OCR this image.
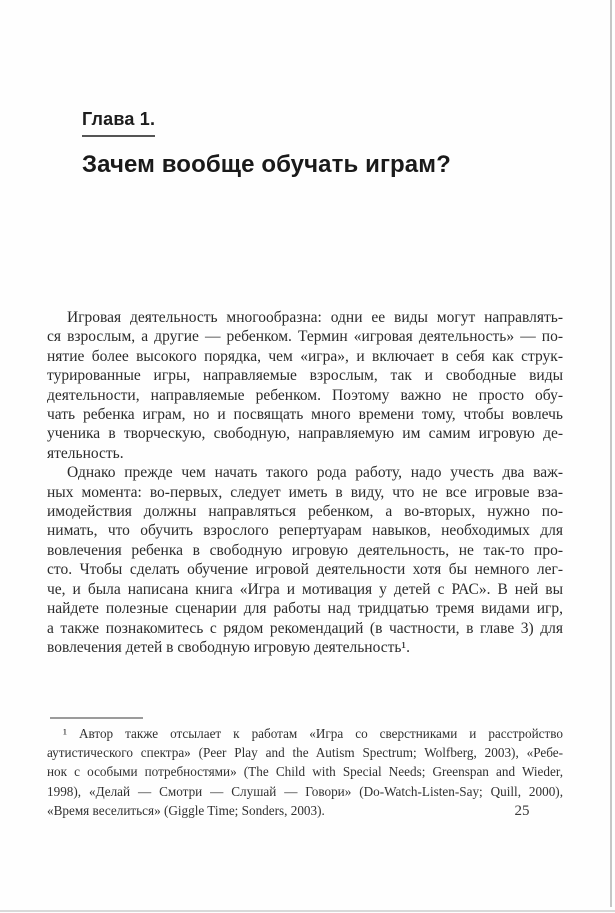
Глава 1.
Зачем вообще обучать играм?
Игровая деятельность многообразна: одни ее виды могут направлять-
ся взрослым, а другие — ребенком. Термин «игровая деятельность» — по-
нятие более высокого порядка, чем «игра», и включает в себя как струк-
турированные игры, направляемые взрослым, так и свободные виды
деятельности, направляемые ребенком. Поэтому важно не просто обу-
чать ребенка играм, но и посвящать много времени тому, чтобы вовлечь
ученика в творческую, свободную, направляемую им самим игровую де-
ятельность.
Однако прежде чем начать такого рода работу, надо учесть два важ-
ных момента: во-первых, следует иметь в виду, что не все игровые вза-
имодействия должны направляться ребенком, а во-вторых, нужно по-
нимать, что обучить взрослого репертуарам навыков, необходимых для
вовлечения ребенка в свободную игровую деятельность, не так-то про-
сто. Чтобы сделать обучение игровой деятельности хотя бы немного лег-
че, и была написана книга «Игра и мотивация у детей с РАС». В ней вы
найдете полезные сценарии для работы над тридцатью тремя видами игр,
а также познакомитесь с рядом рекомендаций (в частности, в главе 3) для
вовлечения детей в свободную игровую деятельность¹.
¹ Автор также отсылает к работам «Игра со сверстниками и расстройство
аутистического спектра» (Peer Play and the Autism Spectrum; Wolfberg, 2003), «Ребе-
нок с особыми потребностями» (The Child with Special Needs; Greenspan and Wieder,
1998), «Делай — Смотри — Слушай — Говори» (Do-Watch-Listen-Say; Quill, 2000),
«Время веселиться» (Giggle Time; Sonders, 2003).	25
